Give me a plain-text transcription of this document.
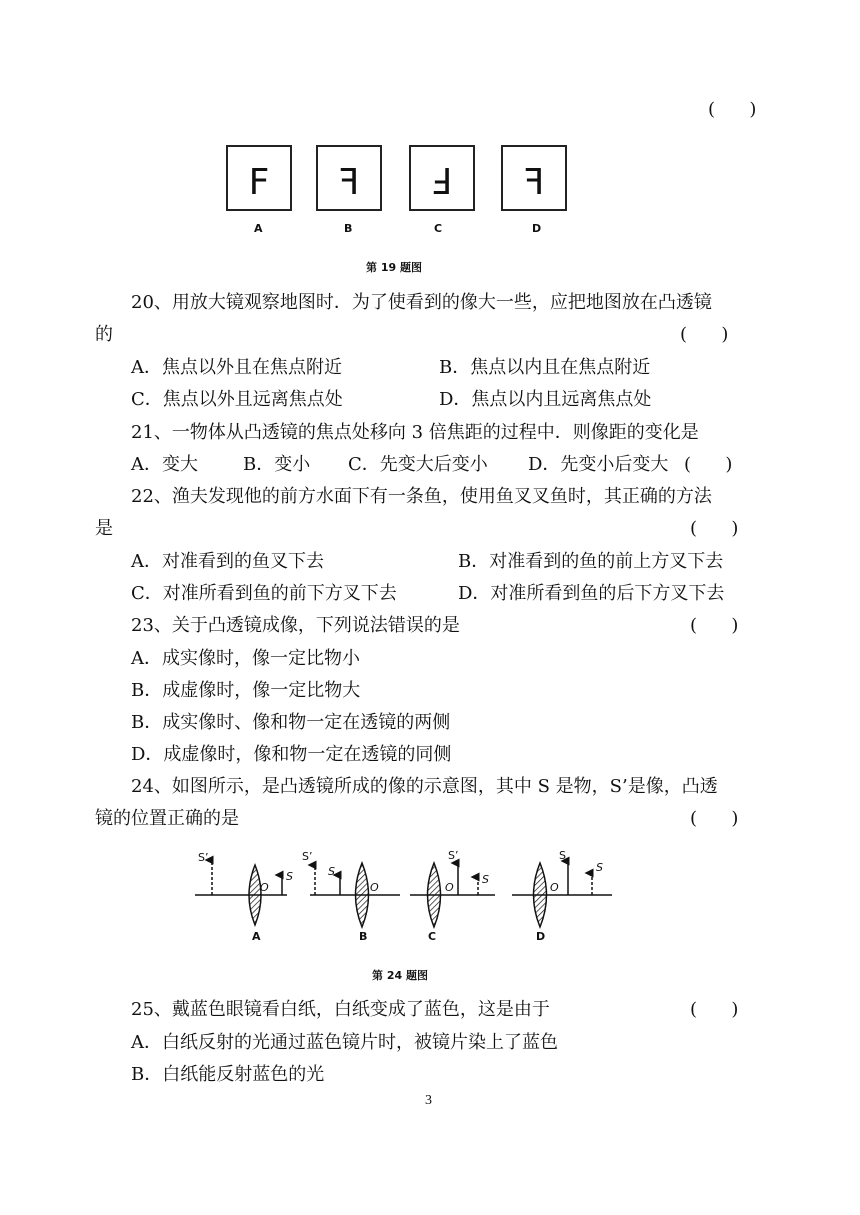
(      )
F F F F
A	B	C	D
第 19 题图
20、用放大镜观察地图时．为了使看到的像大一些，应把地图放在凸透镜
的	(      )
A．焦点以外且在焦点附近	B．焦点以内且在焦点附近
C．焦点以外且远离焦点处	D．焦点以内且远离焦点处
21、一物体从凸透镜的焦点处移向 3 倍焦距的过程中．则像距的变化是
A．变大	B．变小 C．先变大后变小 D．先变小后变大 (      )
22、渔夫发现他的前方水面下有一条鱼，使用鱼叉叉鱼时，其正确的方法
是	(      )
A．对准看到的鱼叉下去	B．对准看到的鱼的前上方叉下去
C．对准所看到鱼的前下方叉下去	D．对准所看到鱼的后下方叉下去
23、关于凸透镜成像，下列说法错误的是	(      )
A．成实像时，像一定比物小
B．成虚像时，像一定比物大
B．成实像时、像和物一定在透镜的两侧
D．成虚像时，像和物一定在透镜的同侧
24、如图所示，是凸透镜所成的像的示意图，其中 S 是物，S’是像，凸透
镜的位置正确的是	(      )
S’
S
O
S’
S
O
S’
S
O
S
S
O
A	B	C	D
第 24 题图
25、戴蓝色眼镜看白纸，白纸变成了蓝色，这是由于	(      )
A．白纸反射的光通过蓝色镜片时，被镜片染上了蓝色
B．白纸能反射蓝色的光
3
